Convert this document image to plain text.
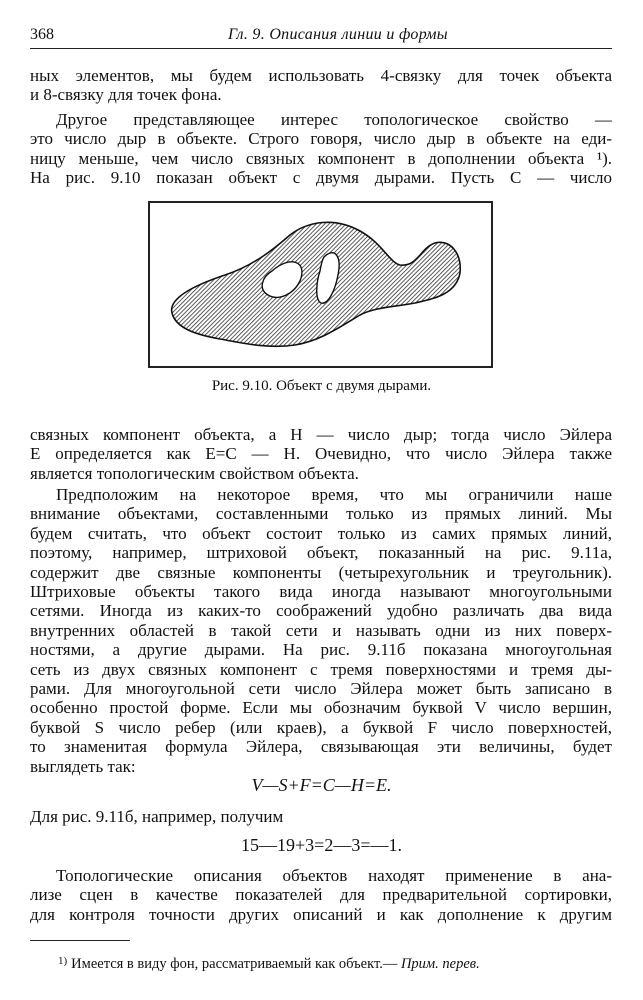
368	Гл. 9. Описания линии и формы
ных элементов, мы будем использовать 4-связку для точек объекта
и 8-связку для точек фона.
Другое представляющее интерес топологическое свойство —
это число дыр в объекте. Строго говоря, число дыр в объекте на еди-
ницу меньше, чем число связных компонент в дополнении объекта ¹).
На рис. 9.10 показан объект с двумя дырами. Пусть C — число
Рис. 9.10. Объект с двумя дырами.
связных компонент объекта, а H — число дыр; тогда число Эйлера
E определяется как E=C — H. Очевидно, что число Эйлера также
является топологическим свойством объекта.
Предположим на некоторое время, что мы ограничили наше
внимание объектами, составленными только из прямых линий. Мы
будем считать, что объект состоит только из самих прямых линий,
поэтому, например, штриховой объект, показанный на рис. 9.11а,
содержит две связные компоненты (четырехугольник и треугольник).
Штриховые объекты такого вида иногда называют многоугольными
сетями. Иногда из каких-то соображений удобно различать два вида
внутренних областей в такой сети и называть одни из них поверх-
ностями, а другие дырами. На рис. 9.11б показана многоугольная
сеть из двух связных компонент с тремя поверхностями и тремя ды-
рами. Для многоугольной сети число Эйлера может быть записано в
особенно простой форме. Если мы обозначим буквой V число вершин,
буквой S число ребер (или краев), а буквой F число поверхностей,
то знаменитая формула Эйлера, связывающая эти величины, будет
выглядеть так:
V—S+F=C—H=E.
Для рис. 9.11б, например, получим
15—19+3=2—3=—1.
Топологические описания объектов находят применение в ана-
лизе сцен в качестве показателей для предварительной сортировки,
для контроля точности других описаний и как дополнение к другим
$^{1)}$ Имеется в виду фон, рассматриваемый как объект.— Прим. перев.
